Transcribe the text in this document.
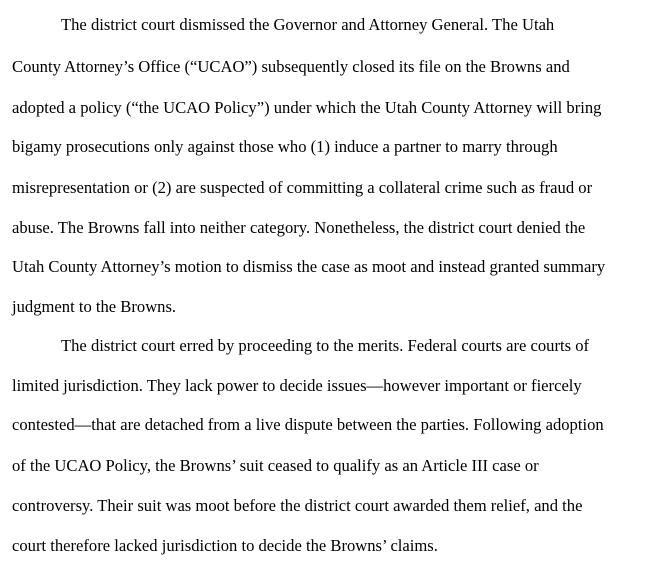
The district court dismissed the Governor and Attorney General. The Utah
County Attorney’s Office (“UCAO”) subsequently closed its file on the Browns and
adopted a policy (“the UCAO Policy”) under which the Utah County Attorney will bring
bigamy prosecutions only against those who (1) induce a partner to marry through
misrepresentation or (2) are suspected of committing a collateral crime such as fraud or
abuse. The Browns fall into neither category. Nonetheless, the district court denied the
Utah County Attorney’s motion to dismiss the case as moot and instead granted summary
judgment to the Browns.
The district court erred by proceeding to the merits. Federal courts are courts of
limited jurisdiction. They lack power to decide issues—however important or fiercely
contested—that are detached from a live dispute between the parties. Following adoption
of the UCAO Policy, the Browns’ suit ceased to qualify as an Article III case or
controversy. Their suit was moot before the district court awarded them relief, and the
court therefore lacked jurisdiction to decide the Browns’ claims.
